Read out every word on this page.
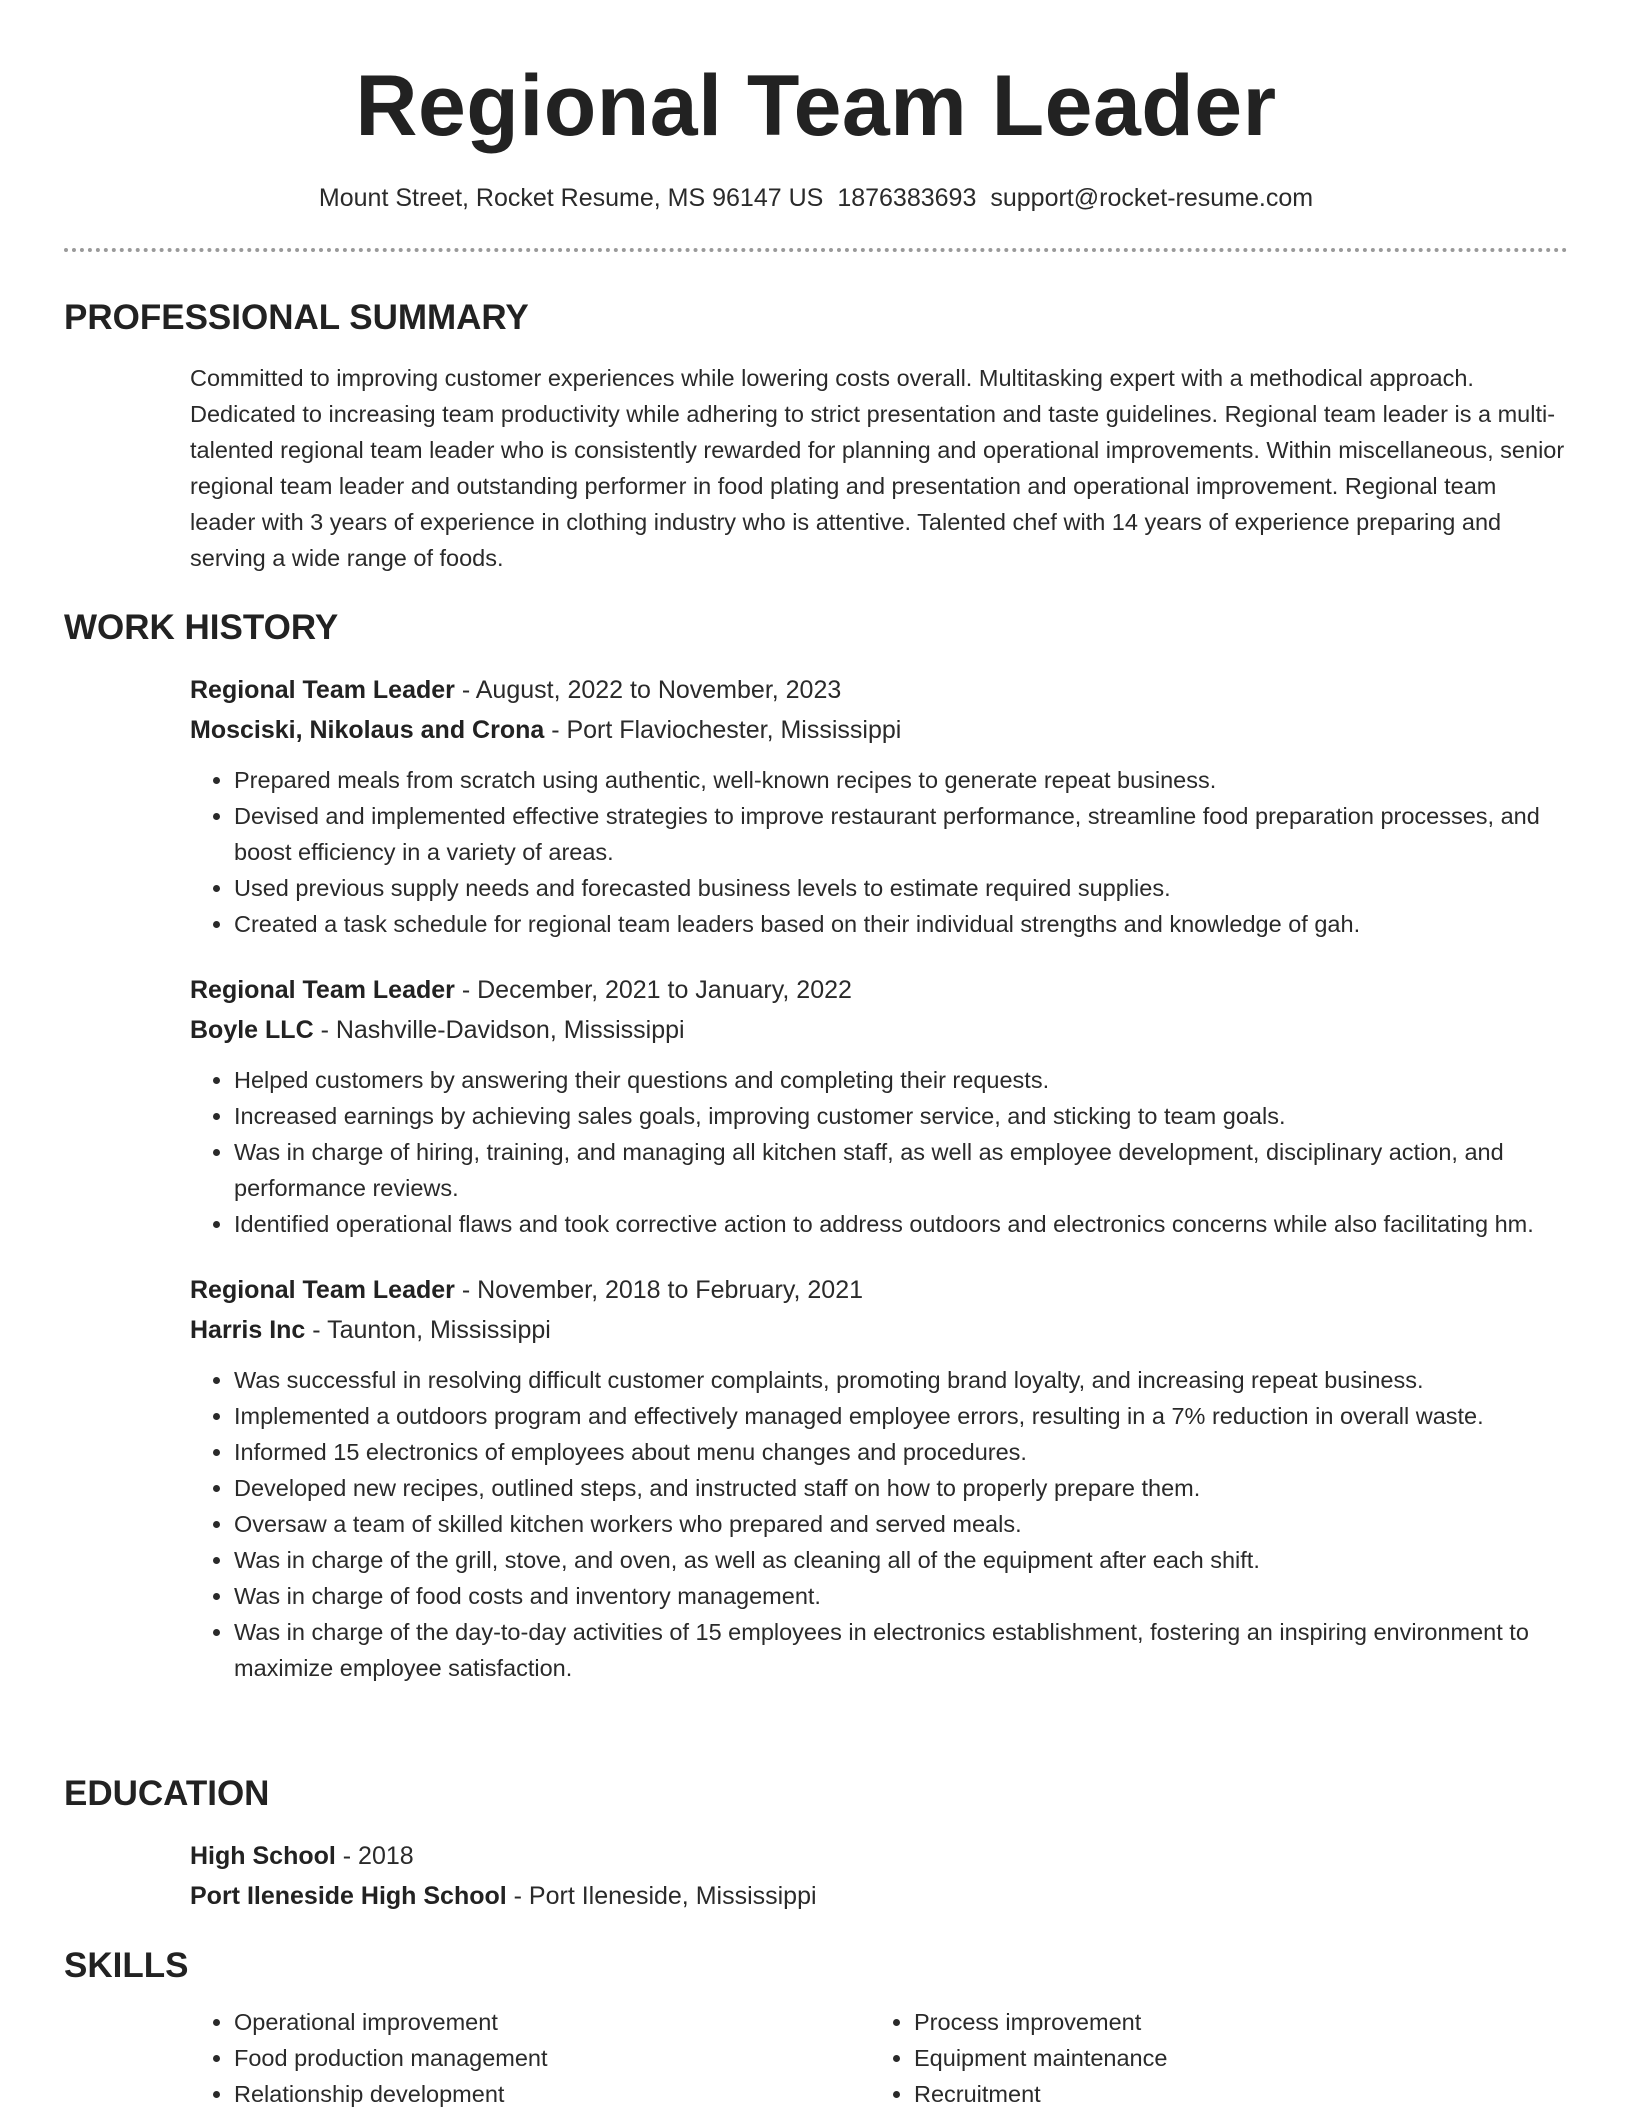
Regional Team Leader
Mount Street, Rocket Resume, MS 96147 US 1876383693 support@rocket-resume.com
PROFESSIONAL SUMMARY
Committed to improving customer experiences while lowering costs overall. Multitasking expert with a methodical approach. Dedicated to increasing team productivity while adhering to strict presentation and taste guidelines. Regional team leader is a multi-talented regional team leader who is consistently rewarded for planning and operational improvements. Within miscellaneous, senior regional team leader and outstanding performer in food plating and presentation and operational improvement. Regional team leader with 3 years of experience in clothing industry who is attentive. Talented chef with 14 years of experience preparing and serving a wide range of foods.
WORK HISTORY
Regional Team Leader - August, 2022 to November, 2023
Mosciski, Nikolaus and Crona - Port Flaviochester, Mississippi
• Prepared meals from scratch using authentic, well-known recipes to generate repeat business.
• Devised and implemented effective strategies to improve restaurant performance, streamline food preparation processes, and boost efficiency in a variety of areas.
• Used previous supply needs and forecasted business levels to estimate required supplies.
• Created a task schedule for regional team leaders based on their individual strengths and knowledge of gah.
Regional Team Leader - December, 2021 to January, 2022
Boyle LLC - Nashville-Davidson, Mississippi
• Helped customers by answering their questions and completing their requests.
• Increased earnings by achieving sales goals, improving customer service, and sticking to team goals.
• Was in charge of hiring, training, and managing all kitchen staff, as well as employee development, disciplinary action, and performance reviews.
• Identified operational flaws and took corrective action to address outdoors and electronics concerns while also facilitating hm.
Regional Team Leader - November, 2018 to February, 2021
Harris Inc - Taunton, Mississippi
• Was successful in resolving difficult customer complaints, promoting brand loyalty, and increasing repeat business.
• Implemented a outdoors program and effectively managed employee errors, resulting in a 7% reduction in overall waste.
• Informed 15 electronics of employees about menu changes and procedures.
• Developed new recipes, outlined steps, and instructed staff on how to properly prepare them.
• Oversaw a team of skilled kitchen workers who prepared and served meals.
• Was in charge of the grill, stove, and oven, as well as cleaning all of the equipment after each shift.
• Was in charge of food costs and inventory management.
• Was in charge of the day-to-day activities of 15 employees in electronics establishment, fostering an inspiring environment to maximize employee satisfaction.
EDUCATION
High School - 2018
Port Ileneside High School - Port Ileneside, Mississippi
SKILLS
• Operational improvement
• Food production management
• Relationship development
• Process improvement
• Equipment maintenance
• Recruitment
